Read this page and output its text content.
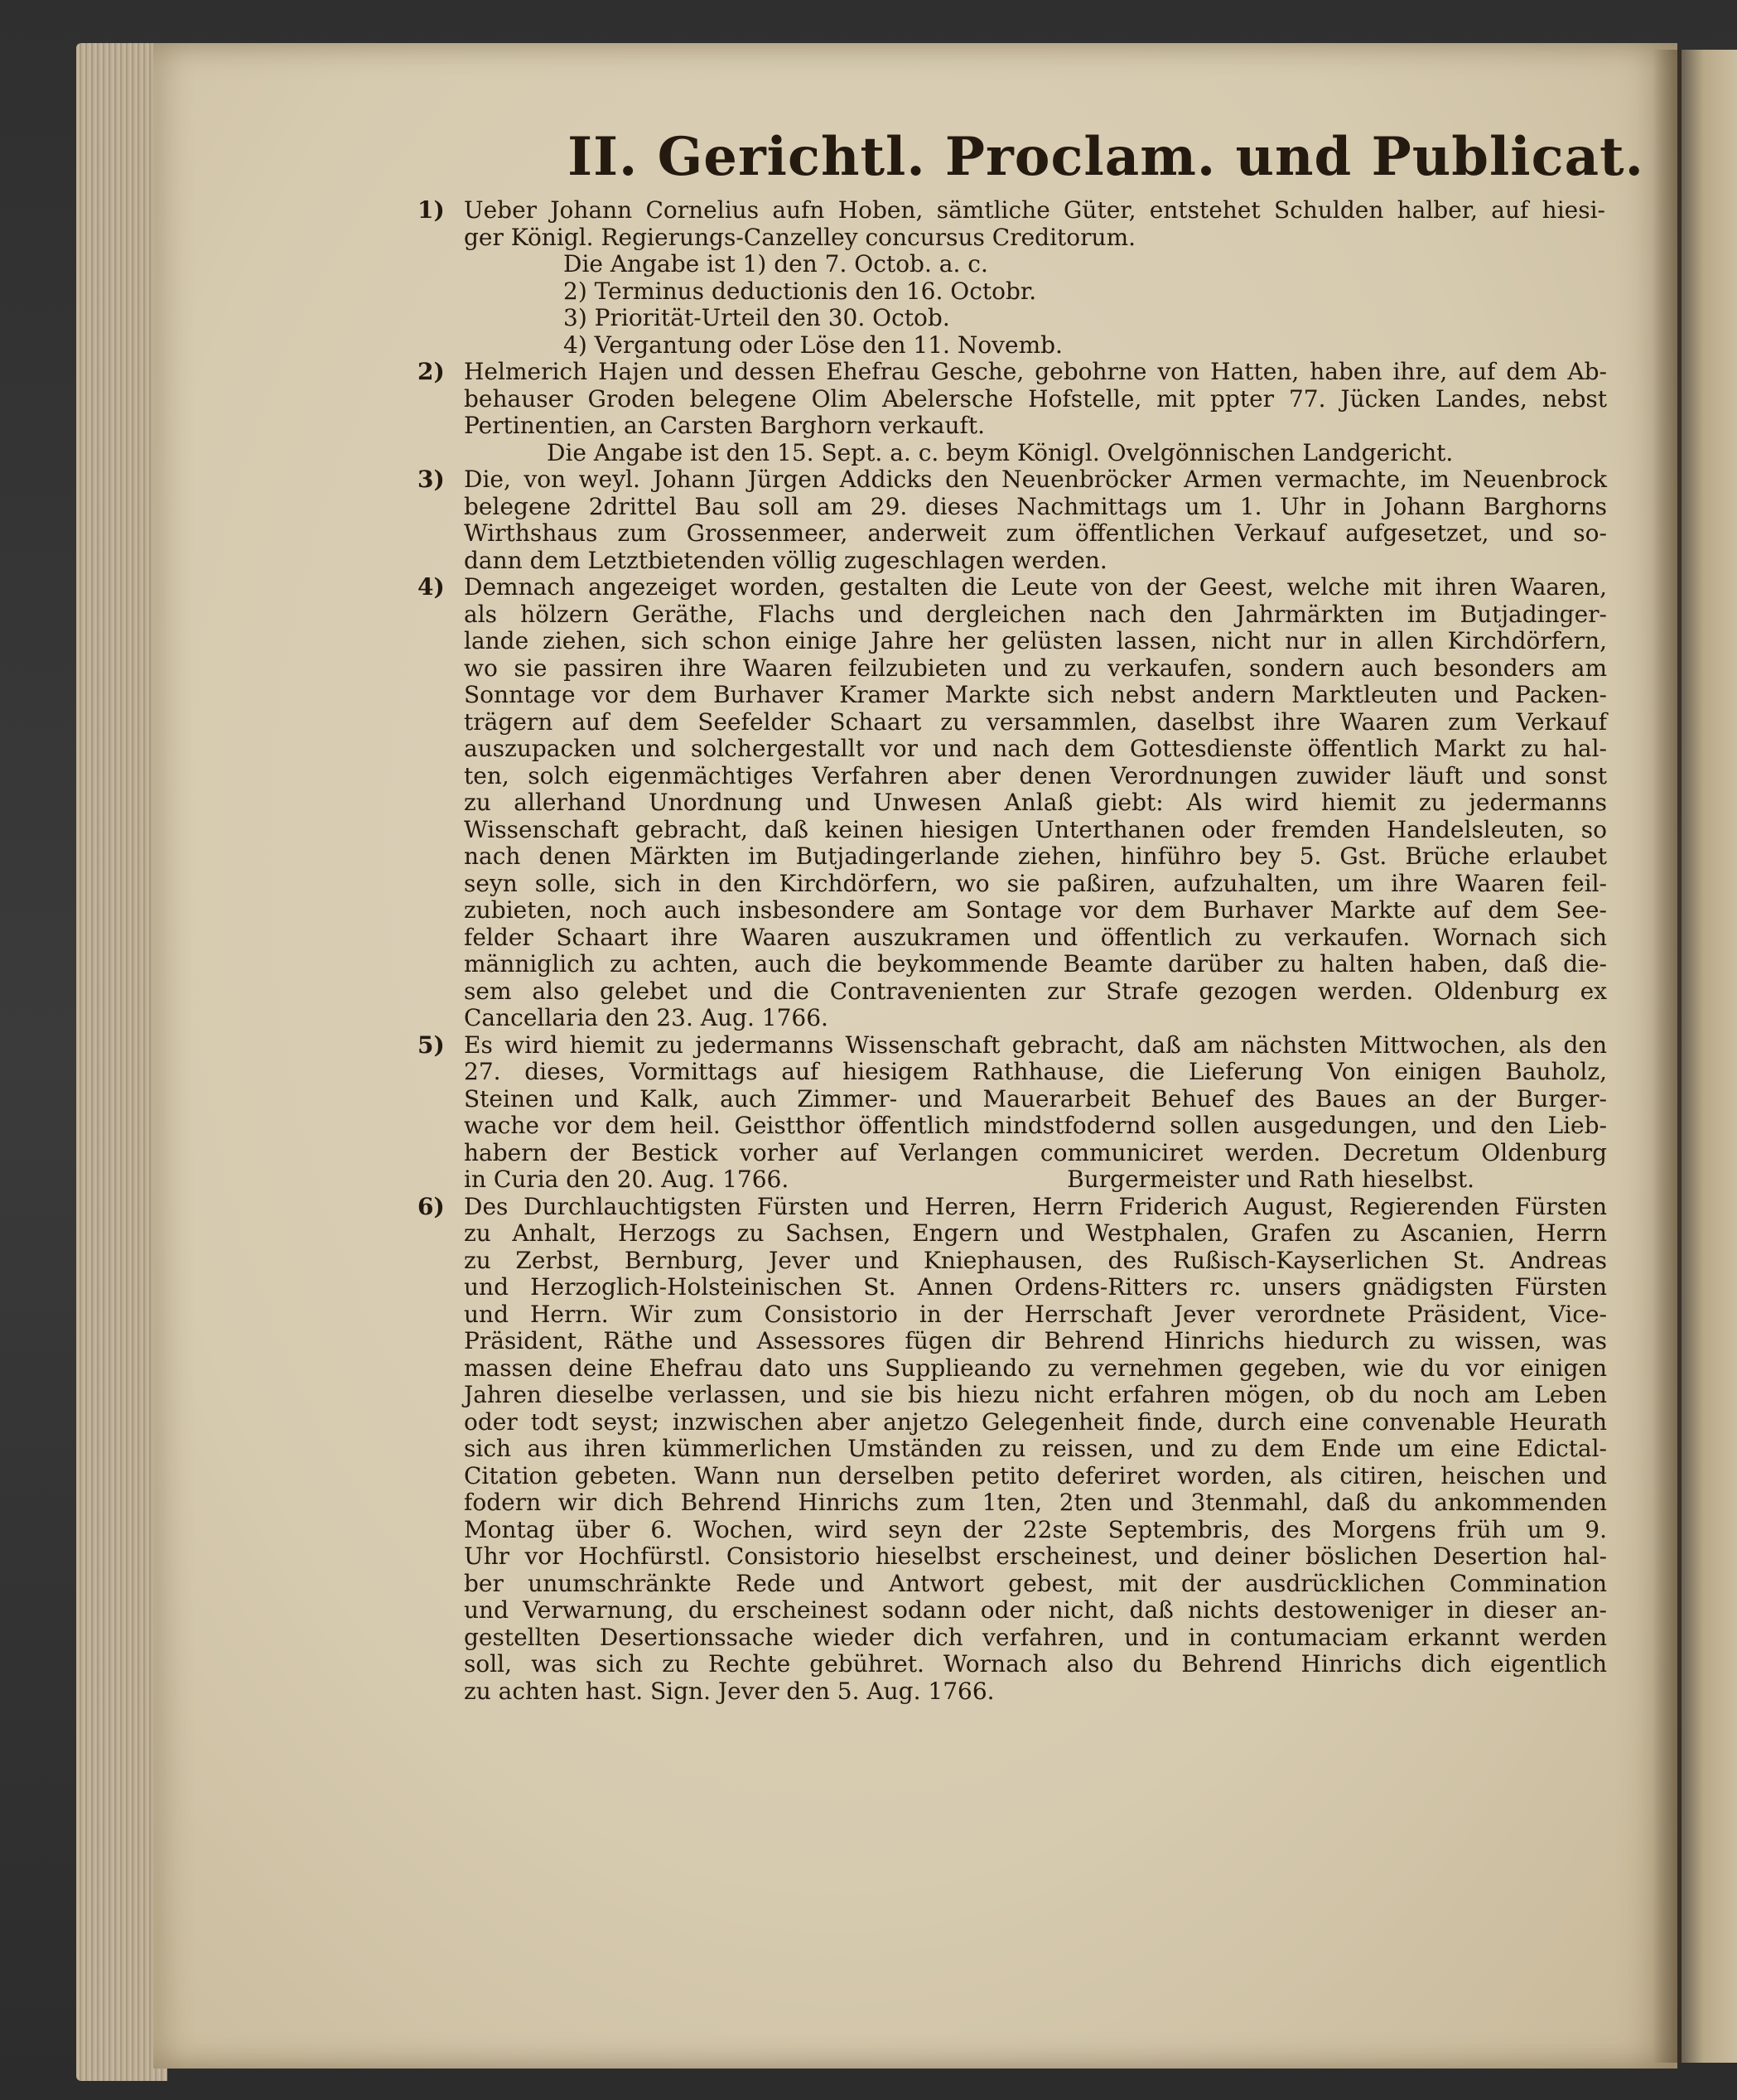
II. Gerichtl. Proclam. und Publicat.
1) Ueber Johann Cornelius aufn Hoben, sämtliche Güter, entstehet Schulden halber, auf hiesi-
ger Königl. Regierungs-Canzelley concursus Creditorum.
Die Angabe ist 1) den 7. Octob. a. c.
2) Terminus deductionis den 16. Octobr.
3) Priorität-Urteil den 30. Octob.
4) Vergantung oder Löse den 11. Novemb.
2) Helmerich Hajen und dessen Ehefrau Gesche, gebohrne von Hatten, haben ihre, auf dem Ab-
behauser Groden belegene Olim Abelersche Hofstelle, mit ppter 77. Jücken Landes, nebst
Pertinentien, an Carsten Barghorn verkauft.
Die Angabe ist den 15. Sept. a. c. beym Königl. Ovelgönnischen Landgericht.
3) Die, von weyl. Johann Jürgen Addicks den Neuenbröcker Armen vermachte, im Neuenbrock
belegene 2drittel Bau soll am 29. dieses Nachmittags um 1. Uhr in Johann Barghorns
Wirthshaus zum Grossenmeer, anderweit zum öffentlichen Verkauf aufgesetzet, und so-
dann dem Letztbietenden völlig zugeschlagen werden.
4) Demnach angezeiget worden, gestalten die Leute von der Geest, welche mit ihren Waaren,
als hölzern Geräthe, Flachs und dergleichen nach den Jahrmärkten im Butjadinger-
lande ziehen, sich schon einige Jahre her gelüsten lassen, nicht nur in allen Kirchdörfern,
wo sie passiren ihre Waaren feilzubieten und zu verkaufen, sondern auch besonders am
Sonntage vor dem Burhaver Kramer Markte sich nebst andern Marktleuten und Packen-
trägern auf dem Seefelder Schaart zu versammlen, daselbst ihre Waaren zum Verkauf
auszupacken und solchergestallt vor und nach dem Gottesdienste öffentlich Markt zu hal-
ten, solch eigenmächtiges Verfahren aber denen Verordnungen zuwider läuft und sonst
zu allerhand Unordnung und Unwesen Anlaß giebt: Als wird hiemit zu jedermanns
Wissenschaft gebracht, daß keinen hiesigen Unterthanen oder fremden Handelsleuten, so
nach denen Märkten im Butjadingerlande ziehen, hinführo bey 5. Gst. Brüche erlaubet
seyn solle, sich in den Kirchdörfern, wo sie paßiren, aufzuhalten, um ihre Waaren feil-
zubieten, noch auch insbesondere am Sontage vor dem Burhaver Markte auf dem See-
felder Schaart ihre Waaren auszukramen und öffentlich zu verkaufen. Wornach sich
männiglich zu achten, auch die beykommende Beamte darüber zu halten haben, daß die-
sem also gelebet und die Contravenienten zur Strafe gezogen werden. Oldenburg ex
Cancellaria den 23. Aug. 1766.
5) Es wird hiemit zu jedermanns Wissenschaft gebracht, daß am nächsten Mittwochen, als den
27. dieses, Vormittags auf hiesigem Rathhause, die Lieferung Von einigen Bauholz,
Steinen und Kalk, auch Zimmer- und Mauerarbeit Behuef des Baues an der Burger-
wache vor dem heil. Geistthor öffentlich mindstfodernd sollen ausgedungen, und den Lieb-
habern der Bestick vorher auf Verlangen communiciret werden. Decretum Oldenburg
in Curia den 20. Aug. 1766.	Burgermeister und Rath hieselbst.
6) Des Durchlauchtigsten Fürsten und Herren, Herrn Friderich August, Regierenden Fürsten
zu Anhalt, Herzogs zu Sachsen, Engern und Westphalen, Grafen zu Ascanien, Herrn
zu Zerbst, Bernburg, Jever und Kniephausen, des Rußisch-Kayserlichen St. Andreas
und Herzoglich-Holsteinischen St. Annen Ordens-Ritters rc. unsers gnädigsten Fürsten
und Herrn. Wir zum Consistorio in der Herrschaft Jever verordnete Präsident, Vice-
Präsident, Räthe und Assessores fügen dir Behrend Hinrichs hiedurch zu wissen, was
massen deine Ehefrau dato uns Supplieando zu vernehmen gegeben, wie du vor einigen
Jahren dieselbe verlassen, und sie bis hiezu nicht erfahren mögen, ob du noch am Leben
oder todt seyst; inzwischen aber anjetzo Gelegenheit finde, durch eine convenable Heurath
sich aus ihren kümmerlichen Umständen zu reissen, und zu dem Ende um eine Edictal-
Citation gebeten. Wann nun derselben petito deferiret worden, als citiren, heischen und
fodern wir dich Behrend Hinrichs zum 1ten, 2ten und 3tenmahl, daß du ankommenden
Montag über 6. Wochen, wird seyn der 22ste Septembris, des Morgens früh um 9.
Uhr vor Hochfürstl. Consistorio hieselbst erscheinest, und deiner böslichen Desertion hal-
ber unumschränkte Rede und Antwort gebest, mit der ausdrücklichen Commination
und Verwarnung, du erscheinest sodann oder nicht, daß nichts destoweniger in dieser an-
gestellten Desertionssache wieder dich verfahren, und in contumaciam erkannt werden
soll, was sich zu Rechte gebühret. Wornach also du Behrend Hinrichs dich eigentlich
zu achten hast. Sign. Jever den 5. Aug. 1766.
